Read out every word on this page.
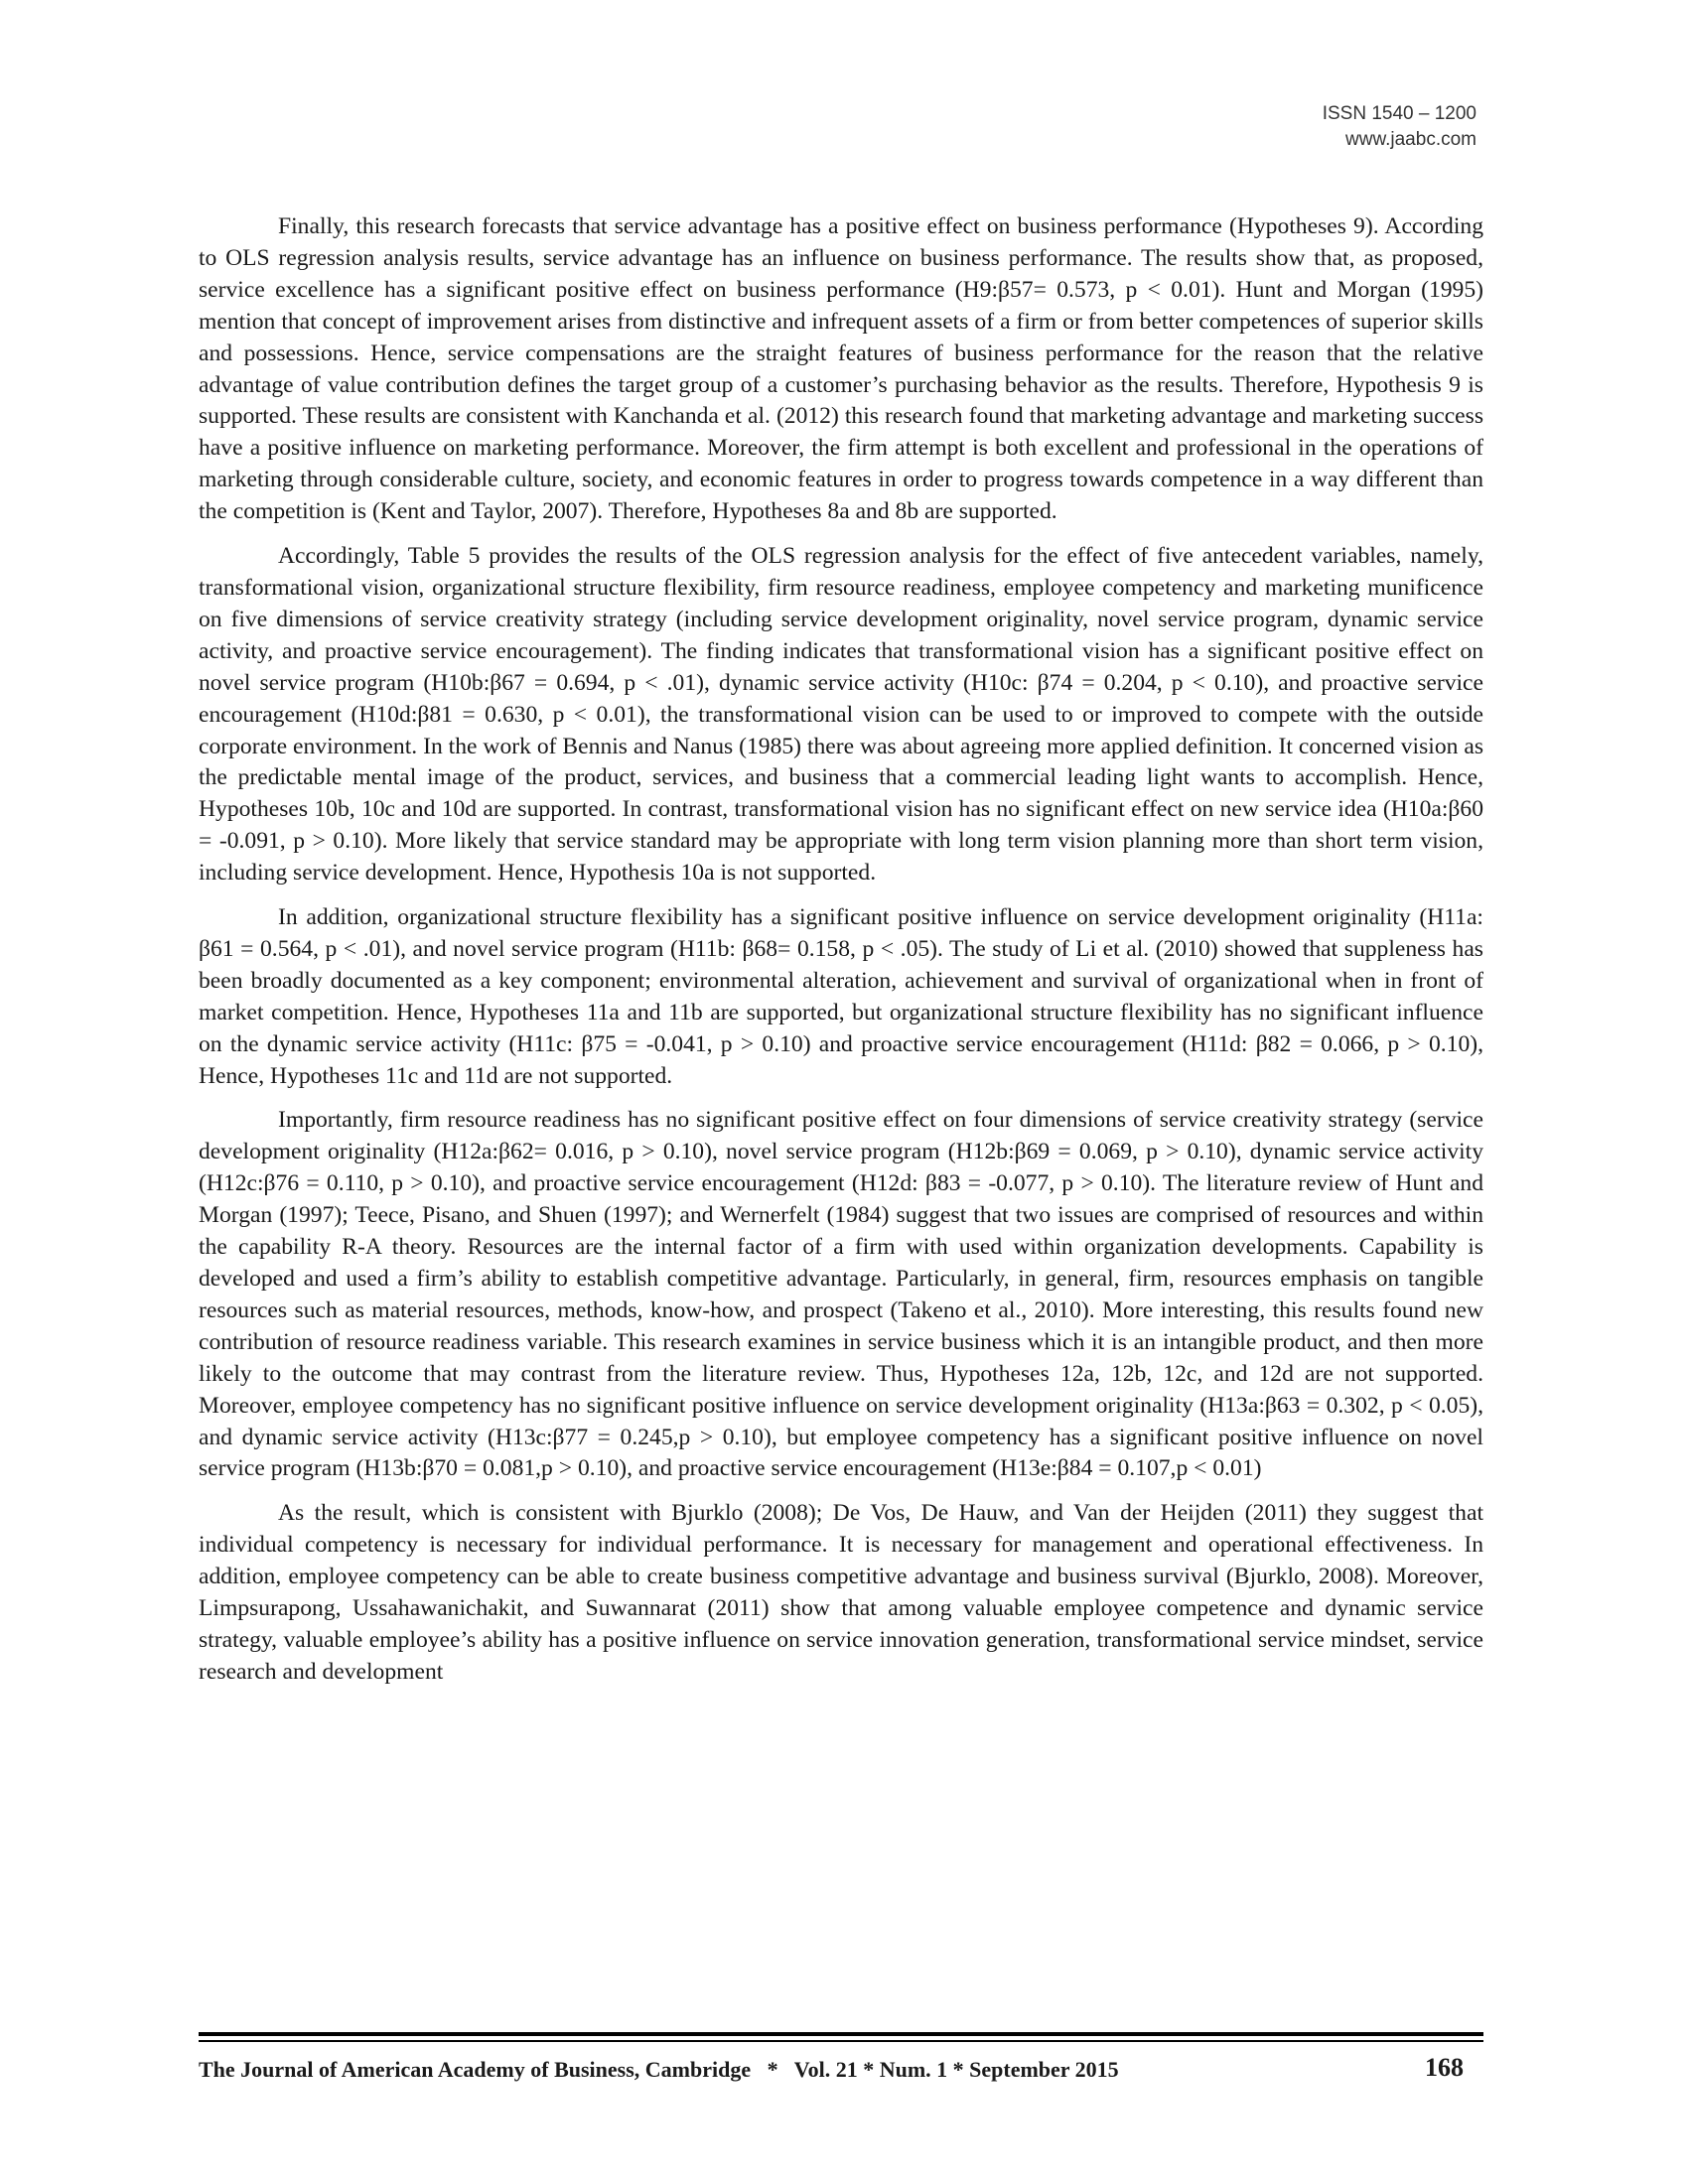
ISSN 1540 – 1200
www.jaabc.com

Finally, this research forecasts that service advantage has a positive effect on business performance (Hypotheses 9). According to OLS regression analysis results, service advantage has an influence on business performance. The results show that, as proposed, service excellence has a significant positive effect on business performance (H9:β57= 0.573, p < 0.01). Hunt and Morgan (1995) mention that concept of improvement arises from distinctive and infrequent assets of a firm or from better competences of superior skills and possessions. Hence, service compensations are the straight features of business performance for the reason that the relative advantage of value contribution defines the target group of a customer’s purchasing behavior as the results. Therefore, Hypothesis 9 is supported. These results are consistent with Kanchanda et al. (2012) this research found that marketing advantage and marketing success have a positive influence on marketing performance. Moreover, the firm attempt is both excellent and professional in the operations of marketing through considerable culture, society, and economic features in order to progress towards competence in a way different than the competition is (Kent and Taylor, 2007). Therefore, Hypotheses 8a and 8b are supported.

Accordingly, Table 5 provides the results of the OLS regression analysis for the effect of five antecedent variables, namely, transformational vision, organizational structure flexibility, firm resource readiness, employee competency and marketing munificence on five dimensions of service creativity strategy (including service development originality, novel service program, dynamic service activity, and proactive service encouragement). The finding indicates that transformational vision has a significant positive effect on novel service program (H10b:β67 = 0.694, p < .01), dynamic service activity (H10c: β74 = 0.204, p < 0.10), and proactive service encouragement (H10d:β81 = 0.630, p < 0.01), the transformational vision can be used to or improved to compete with the outside corporate environment. In the work of Bennis and Nanus (1985) there was about agreeing more applied definition. It concerned vision as the predictable mental image of the product, services, and business that a commercial leading light wants to accomplish. Hence, Hypotheses 10b, 10c and 10d are supported. In contrast, transformational vision has no significant effect on new service idea (H10a:β60 = -0.091, p > 0.10). More likely that service standard may be appropriate with long term vision planning more than short term vision, including service development. Hence, Hypothesis 10a is not supported.

In addition, organizational structure flexibility has a significant positive influence on service development originality (H11a: β61 = 0.564, p < .01), and novel service program (H11b: β68= 0.158, p < .05). The study of Li et al. (2010) showed that suppleness has been broadly documented as a key component; environmental alteration, achievement and survival of organizational when in front of market competition. Hence, Hypotheses 11a and 11b are supported, but organizational structure flexibility has no significant influence on the dynamic service activity (H11c: β75 = -0.041, p > 0.10) and proactive service encouragement (H11d: β82 = 0.066, p > 0.10), Hence, Hypotheses 11c and 11d are not supported.

Importantly, firm resource readiness has no significant positive effect on four dimensions of service creativity strategy (service development originality (H12a:β62= 0.016, p > 0.10), novel service program (H12b:β69 = 0.069, p > 0.10), dynamic service activity (H12c:β76 = 0.110, p > 0.10), and proactive service encouragement (H12d: β83 = -0.077, p > 0.10). The literature review of Hunt and Morgan (1997); Teece, Pisano, and Shuen (1997); and Wernerfelt (1984) suggest that two issues are comprised of resources and within the capability R-A theory. Resources are the internal factor of a firm with used within organization developments. Capability is developed and used a firm’s ability to establish competitive advantage. Particularly, in general, firm, resources emphasis on tangible resources such as material resources, methods, know-how, and prospect (Takeno et al., 2010). More interesting, this results found new contribution of resource readiness variable. This research examines in service business which it is an intangible product, and then more likely to the outcome that may contrast from the literature review. Thus, Hypotheses 12a, 12b, 12c, and 12d are not supported. Moreover, employee competency has no significant positive influence on service development originality (H13a:β63 = 0.302, p < 0.05), and dynamic service activity (H13c:β77 = 0.245,p > 0.10), but employee competency has a significant positive influence on novel service program (H13b:β70 = 0.081,p > 0.10), and proactive service encouragement (H13e:β84 = 0.107,p < 0.01)

As the result, which is consistent with Bjurklo (2008); De Vos, De Hauw, and Van der Heijden (2011) they suggest that individual competency is necessary for individual performance. It is necessary for management and operational effectiveness. In addition, employee competency can be able to create business competitive advantage and business survival (Bjurklo, 2008). Moreover, Limpsurapong, Ussahawanichakit, and Suwannarat (2011) show that among valuable employee competence and dynamic service strategy, valuable employee’s ability has a positive influence on service innovation generation, transformational service mindset, service research and development

The Journal of American Academy of Business, Cambridge   *   Vol. 21 * Num. 1 * September 2015	168
